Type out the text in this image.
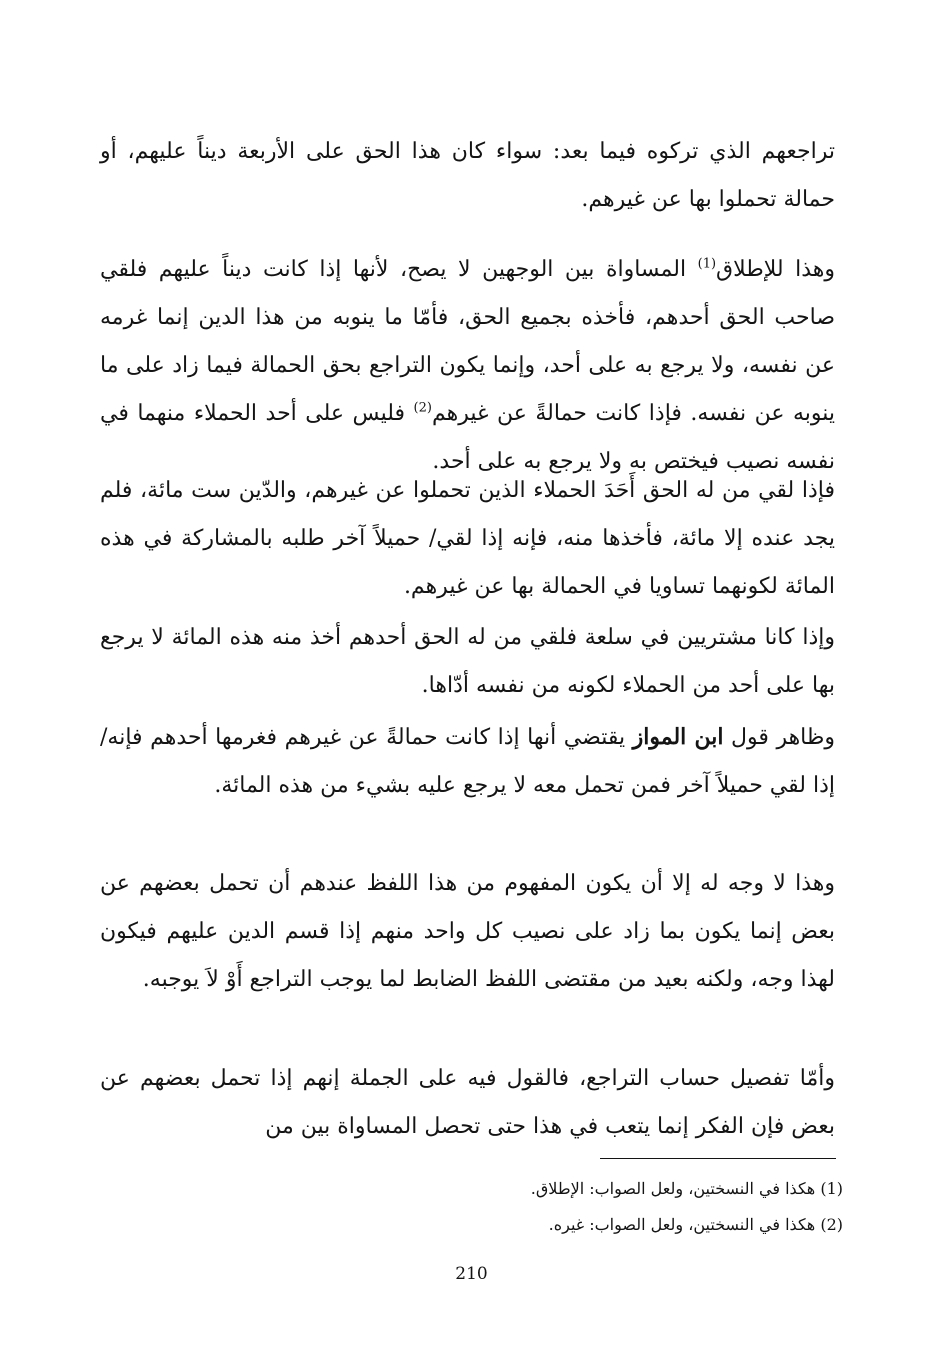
تراجعهم الذي تركوه فيما بعد: سواء كان هذا الحق على الأربعة ديناً عليهم، أو حمالة تحملوا بها عن غيرهم.

وهذا للإطلاق$^{(1)}$ المساواة بين الوجهين لا يصح، لأنها إذا كانت ديناً عليهم فلقي صاحب الحق أحدهم، فأخذه بجميع الحق، فأمّا ما ينوبه من هذا الدين إنما غرمه عن نفسه، ولا يرجع به على أحد، وإنما يكون التراجع بحق الحمالة فيما زاد على ما ينوبه عن نفسه. فإذا كانت حمالةً عن غيرهم$^{(2)}$ فليس على أحد الحملاء منهما في نفسه نصيب فيختص به ولا يرجع به على أحد.

فإذا لقي من له الحق أَحَدَ الحملاء الذين تحملوا عن غيرهم، والدّين ست مائة، فلم يجد عنده إلا مائة، فأخذها منه، فإنه إذا لقي/ حميلاً آخر طلبه بالمشاركة في هذه المائة لكونهما تساويا في الحمالة بها عن غيرهم.

وإذا كانا مشتريين في سلعة فلقي من له الحق أحدهم أخذ منه هذه المائة لا يرجع بها على أحد من الحملاء لكونه من نفسه أدّاها.

وظاهر قول ابن المواز يقتضي أنها إذا كانت حمالةً عن غيرهم فغرمها أحدهم فإنه/ إذا لقي حميلاً آخر فمن تحمل معه لا يرجع عليه بشيء من هذه المائة.

وهذا لا وجه له إلا أن يكون المفهوم من هذا اللفظ عندهم أن تحمل بعضهم عن بعض إنما يكون بما زاد على نصيب كل واحد منهم إذا قسم الدين عليهم فيكون لهذا وجه، ولكنه بعيد من مقتضى اللفظ الضابط لما يوجب التراجع أَوْ لاَ يوجبه.

وأمّا تفصيل حساب التراجع، فالقول فيه على الجملة إنهم إذا تحمل بعضهم عن بعض فإن الفكر إنما يتعب في هذا حتى تحصل المساواة بين من

(1) هكذا في النسختين، ولعل الصواب: الإطلاق.

(2) هكذا في النسختين، ولعل الصواب: غيره.

210
